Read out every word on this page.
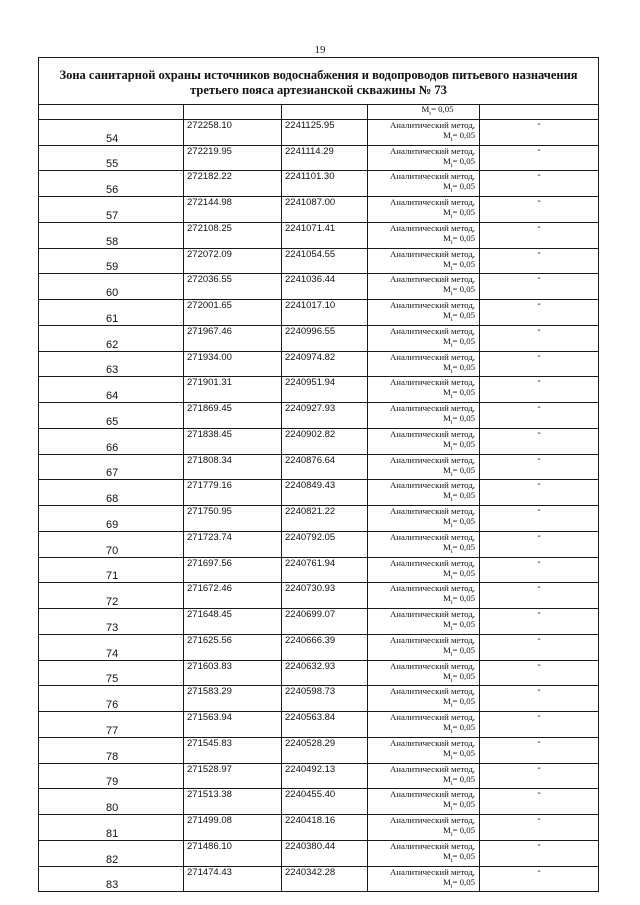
19
Зона санитарной охраны источников водоснабжения и водопроводов питьевого назначения
третьего пояса артезианской скважины № 73				

			$М_t= 0,05$	
54	272258.10	2241125.95	Аналитический метод,
$М_t= 0,05$	-
55	272219.95	2241114.29	Аналитический метод,
$М_t= 0,05$	-
56	272182.22	2241101.30	Аналитический метод,
$М_t= 0,05$	-
57	272144.98	2241087.00	Аналитический метод,
$М_t= 0,05$	-
58	272108.25	2241071.41	Аналитический метод,
$М_t= 0,05$	-
59	272072.09	2241054.55	Аналитический метод,
$М_t= 0,05$	-
60	272036.55	2241036.44	Аналитический метод,
$М_t= 0,05$	-
61	272001.65	2241017.10	Аналитический метод,
$М_t= 0,05$	-
62	271967.46	2240996.55	Аналитический метод,
$М_t= 0,05$	-
63	271934.00	2240974.82	Аналитический метод,
$М_t= 0,05$	-
64	271901.31	2240951.94	Аналитический метод,
$М_t= 0,05$	-
65	271869.45	2240927.93	Аналитический метод,
$М_t= 0,05$	-
66	271838.45	2240902.82	Аналитический метод,
$М_t= 0,05$	-
67	271808.34	2240876.64	Аналитический метод,
$М_t= 0,05$	-
68	271779.16	2240849.43	Аналитический метод,
$М_t= 0,05$	-
69	271750.95	2240821.22	Аналитический метод,
$М_t= 0,05$	-
70	271723.74	2240792.05	Аналитический метод,
$М_t= 0,05$	-
71	271697.56	2240761.94	Аналитический метод,
$М_t= 0,05$	-
72	271672.46	2240730.93	Аналитический метод,
$М_t= 0,05$	-
73	271648.45	2240699.07	Аналитический метод,
$М_t= 0,05$	-
74	271625.56	2240666.39	Аналитический метод,
$М_t= 0,05$	-
75	271603.83	2240632.93	Аналитический метод,
$М_t= 0,05$	-
76	271583.29	2240598.73	Аналитический метод,
$М_t= 0,05$	-
77	271563.94	2240563.84	Аналитический метод,
$М_t= 0,05$	-
78	271545.83	2240528.29	Аналитический метод,
$М_t= 0,05$	-
79	271528.97	2240492.13	Аналитический метод,
$М_t= 0,05$	-
80	271513.38	2240455.40	Аналитический метод,
$М_t= 0,05$	-
81	271499.08	2240418.16	Аналитический метод,
$М_t= 0,05$	-
82	271486.10	2240380.44	Аналитический метод,
$М_t= 0,05$	-
83	271474.43	2240342.28	Аналитический метод,
$М_t= 0,05$	-
